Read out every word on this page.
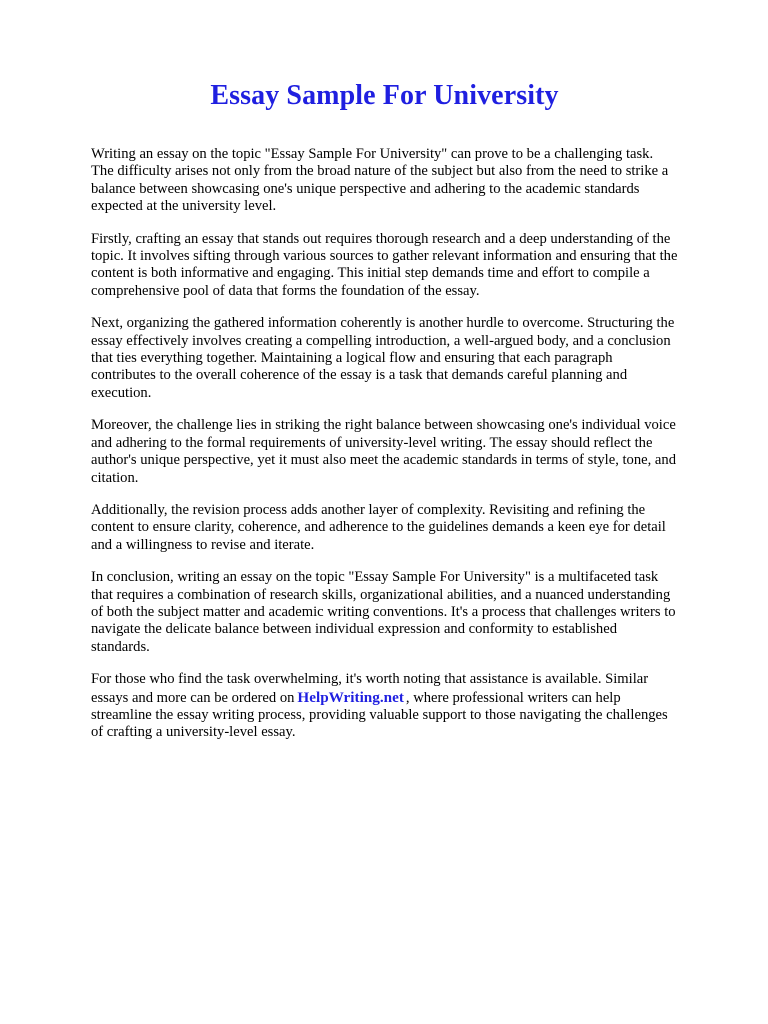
Essay Sample For University

Writing an essay on the topic "Essay Sample For University" can prove to be a challenging task. The difficulty arises not only from the broad nature of the subject but also from the need to strike a balance between showcasing one's unique perspective and adhering to the academic standards expected at the university level.

Firstly, crafting an essay that stands out requires thorough research and a deep understanding of the topic. It involves sifting through various sources to gather relevant information and ensuring that the content is both informative and engaging. This initial step demands time and effort to compile a comprehensive pool of data that forms the foundation of the essay.

Next, organizing the gathered information coherently is another hurdle to overcome. Structuring the essay effectively involves creating a compelling introduction, a well-argued body, and a conclusion that ties everything together. Maintaining a logical flow and ensuring that each paragraph contributes to the overall coherence of the essay is a task that demands careful planning and execution.

Moreover, the challenge lies in striking the right balance between showcasing one's individual voice and adhering to the formal requirements of university-level writing. The essay should reflect the author's unique perspective, yet it must also meet the academic standards in terms of style, tone, and citation.

Additionally, the revision process adds another layer of complexity. Revisiting and refining the content to ensure clarity, coherence, and adherence to the guidelines demands a keen eye for detail and a willingness to revise and iterate.

In conclusion, writing an essay on the topic "Essay Sample For University" is a multifaceted task that requires a combination of research skills, organizational abilities, and a nuanced understanding of both the subject matter and academic writing conventions. It's a process that challenges writers to navigate the delicate balance between individual expression and conformity to established standards.

For those who find the task overwhelming, it's worth noting that assistance is available. Similar essays and more can be ordered on HelpWriting.net , where professional writers can help streamline the essay writing process, providing valuable support to those navigating the challenges of crafting a university-level essay.
